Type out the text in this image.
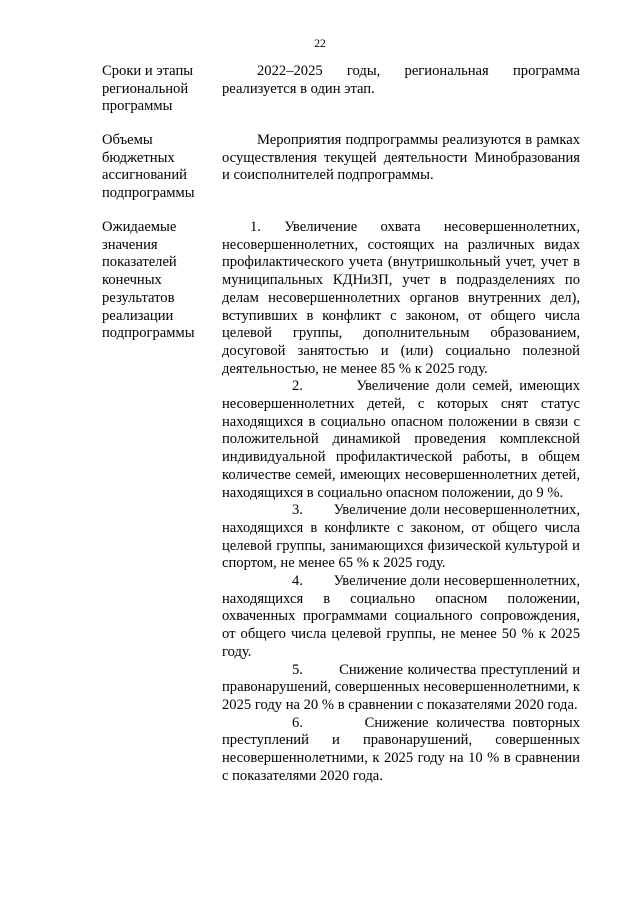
22
Сроки и этапы
региональной
программы

2022–2025 годы, региональная программа реализуется в один этап.

Объемы
бюджетных
ассигнований
подпрограммы

Мероприятия подпрограммы реализуются в рамках осуществления текущей деятельности Минобразования и соисполнителей подпрограммы.

Ожидаемые
значения
показателей
конечных
результатов
реализации
подпрограммы

1. Увеличение охвата несовершеннолетних, несовершеннолетних, состоящих на различных видах профилактического учета (внутришкольный учет, учет в муниципальных КДНиЗП, учет в подразделениях по делам несовершеннолетних органов внутренних дел), вступивших в конфликт с законом, от общего числа целевой группы, дополнительным образованием, досуговой занятостью и (или) социально полезной деятельностью, не менее 85 % к 2025 году.

2.	Увеличение доли семей, имеющих несовершеннолетних детей, с которых снят статус находящихся в социально опасном положении в связи с положительной динамикой проведения комплексной индивидуальной профилактической работы, в общем количестве семей, имеющих несовершеннолетних детей, находящихся в социально опасном положении, до 9 %.

3. Увеличение доли несовершеннолетних, находящихся в конфликте с законом, от общего числа целевой группы, занимающихся физической культурой и спортом, не менее 65 % к 2025 году.

4. Увеличение доли несовершеннолетних, находящихся в социально опасном положении, охваченных программами социального сопровождения, от общего числа целевой группы, не менее 50 % к 2025 году.

5. Снижение количества преступлений и правонарушений, совершенных несовершеннолетними, к 2025 году на 20 % в сравнении с показателями 2020 года.

6.	Снижение количества повторных преступлений и правонарушений, совершенных несовершеннолетними, к 2025 году на 10 % в сравнении с показателями 2020 года.
